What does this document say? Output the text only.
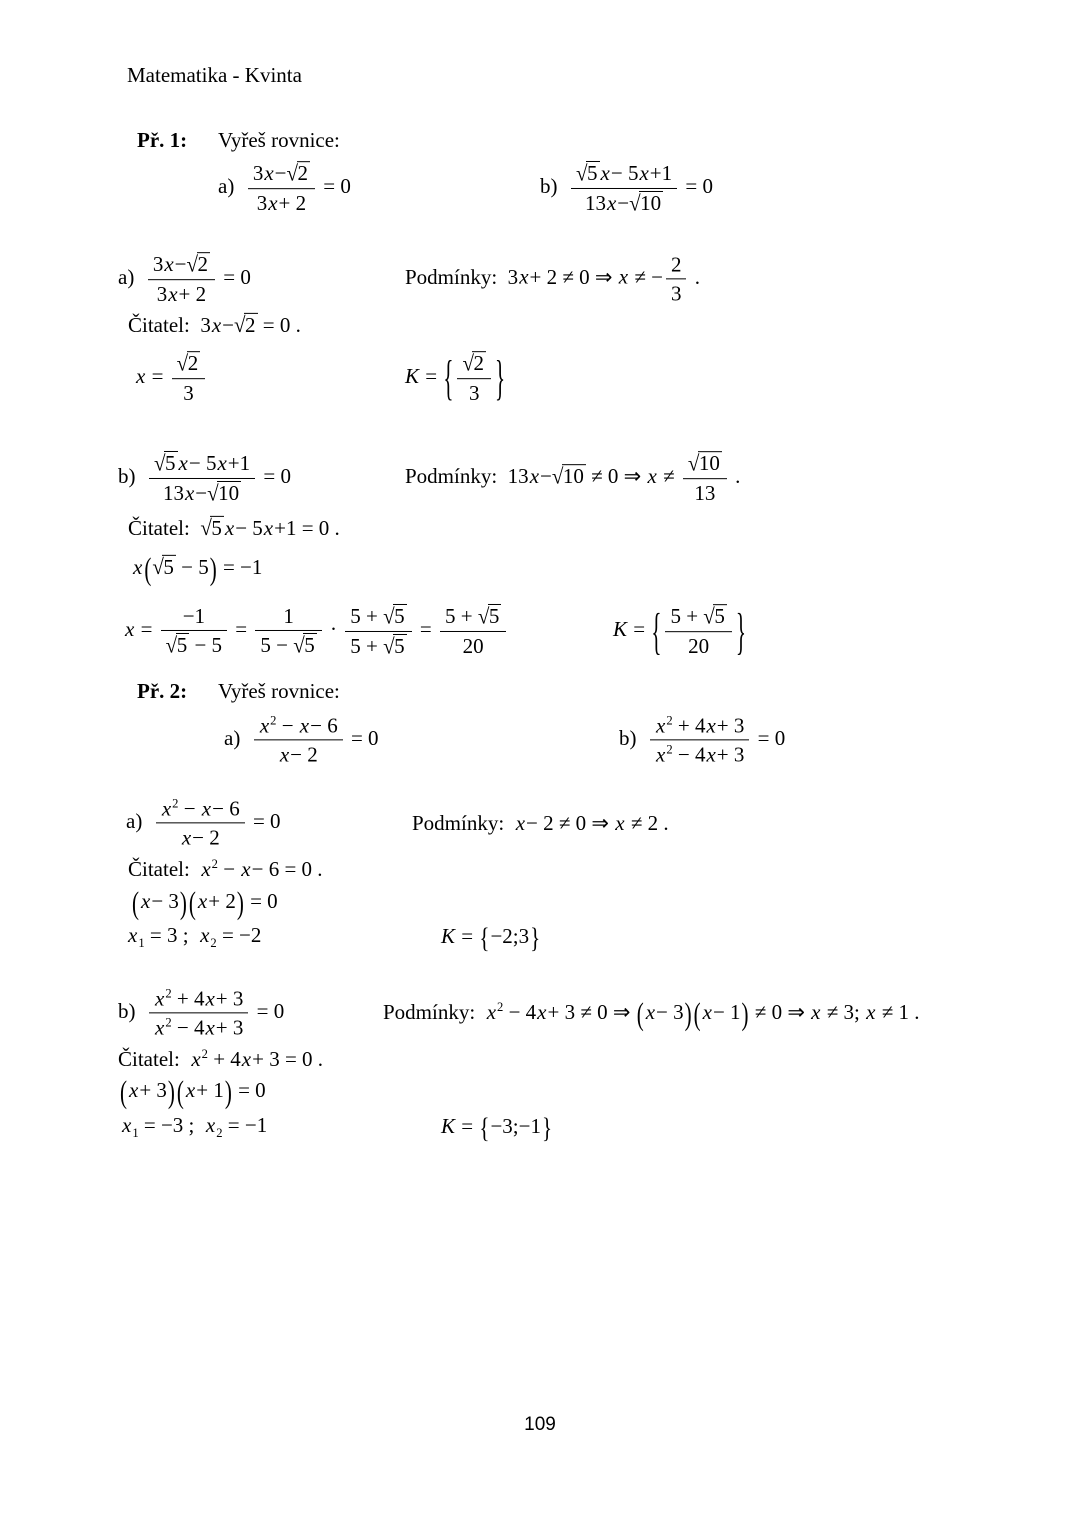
Matematika - Kvinta
Př. 1: Vyřeš rovnice:
$a) \frac{3x-√2}{3x+ 2} = 0$	$b) \frac{√5 x- 5x+1}{13x-√10} = 0$
$a) \frac{3x-√2}{3x+ 2} = 0$	Podmínky:  3x+ 2 ≠ 0 ⇒ x ≠ − $\frac{2}{3}$ .
Čitatel:  3x−√2 = 0 .
$x = \frac{√2}{3}$	K = { $\frac{√2}{3}$ }
$b) \frac{√5 x- 5x+1}{13x-√10} = 0$	Podmínky:  13x−√10 ≠ 0 ⇒ $x \ne \frac{√10}{13}$ .
Čitatel:  √5 x− 5x+1 = 0 .
x(√5 − 5) = −1
$x = \frac{-1}{√5 - 5} = \frac{1}{5 - √5} \cdot \frac{5 + √5}{5 + √5} = \frac{5 + √5}{20}$	K = { $\frac{5 + √5}{20}$ }
Př. 2: Vyřeš rovnice:
$a) \frac{x^2 - x- 6}{x- 2} = 0$	$b) \frac{x^2 + 4x+ 3}{x^2 - 4x+ 3} = 0$
$a) \frac{x^2 - x- 6}{x- 2} = 0$	Podmínky:  x− 2 ≠ 0 ⇒ x ≠ 2 .
Čitatel:  $x^2 - x- 6 = 0$ .
(x− 3)(x+ 2) = 0
$x_1 = 3$ ;  $x_2 = -2$	K = {−2;3}
$b) \frac{x^2 + 4x+ 3}{x^2 - 4x+ 3} = 0$	Podmínky:  $x^2 - 4x+ 3 \ne 0$ ⇒ (x− 3)(x− 1) ≠ 0 ⇒ x ≠ 3; x ≠ 1 .
Čitatel:  $x^2 + 4x+ 3 = 0$ .
(x+ 3)(x+ 1) = 0
$x_1 = -3$ ;  $x_2 = -1$	K = {−3;−1}
109
